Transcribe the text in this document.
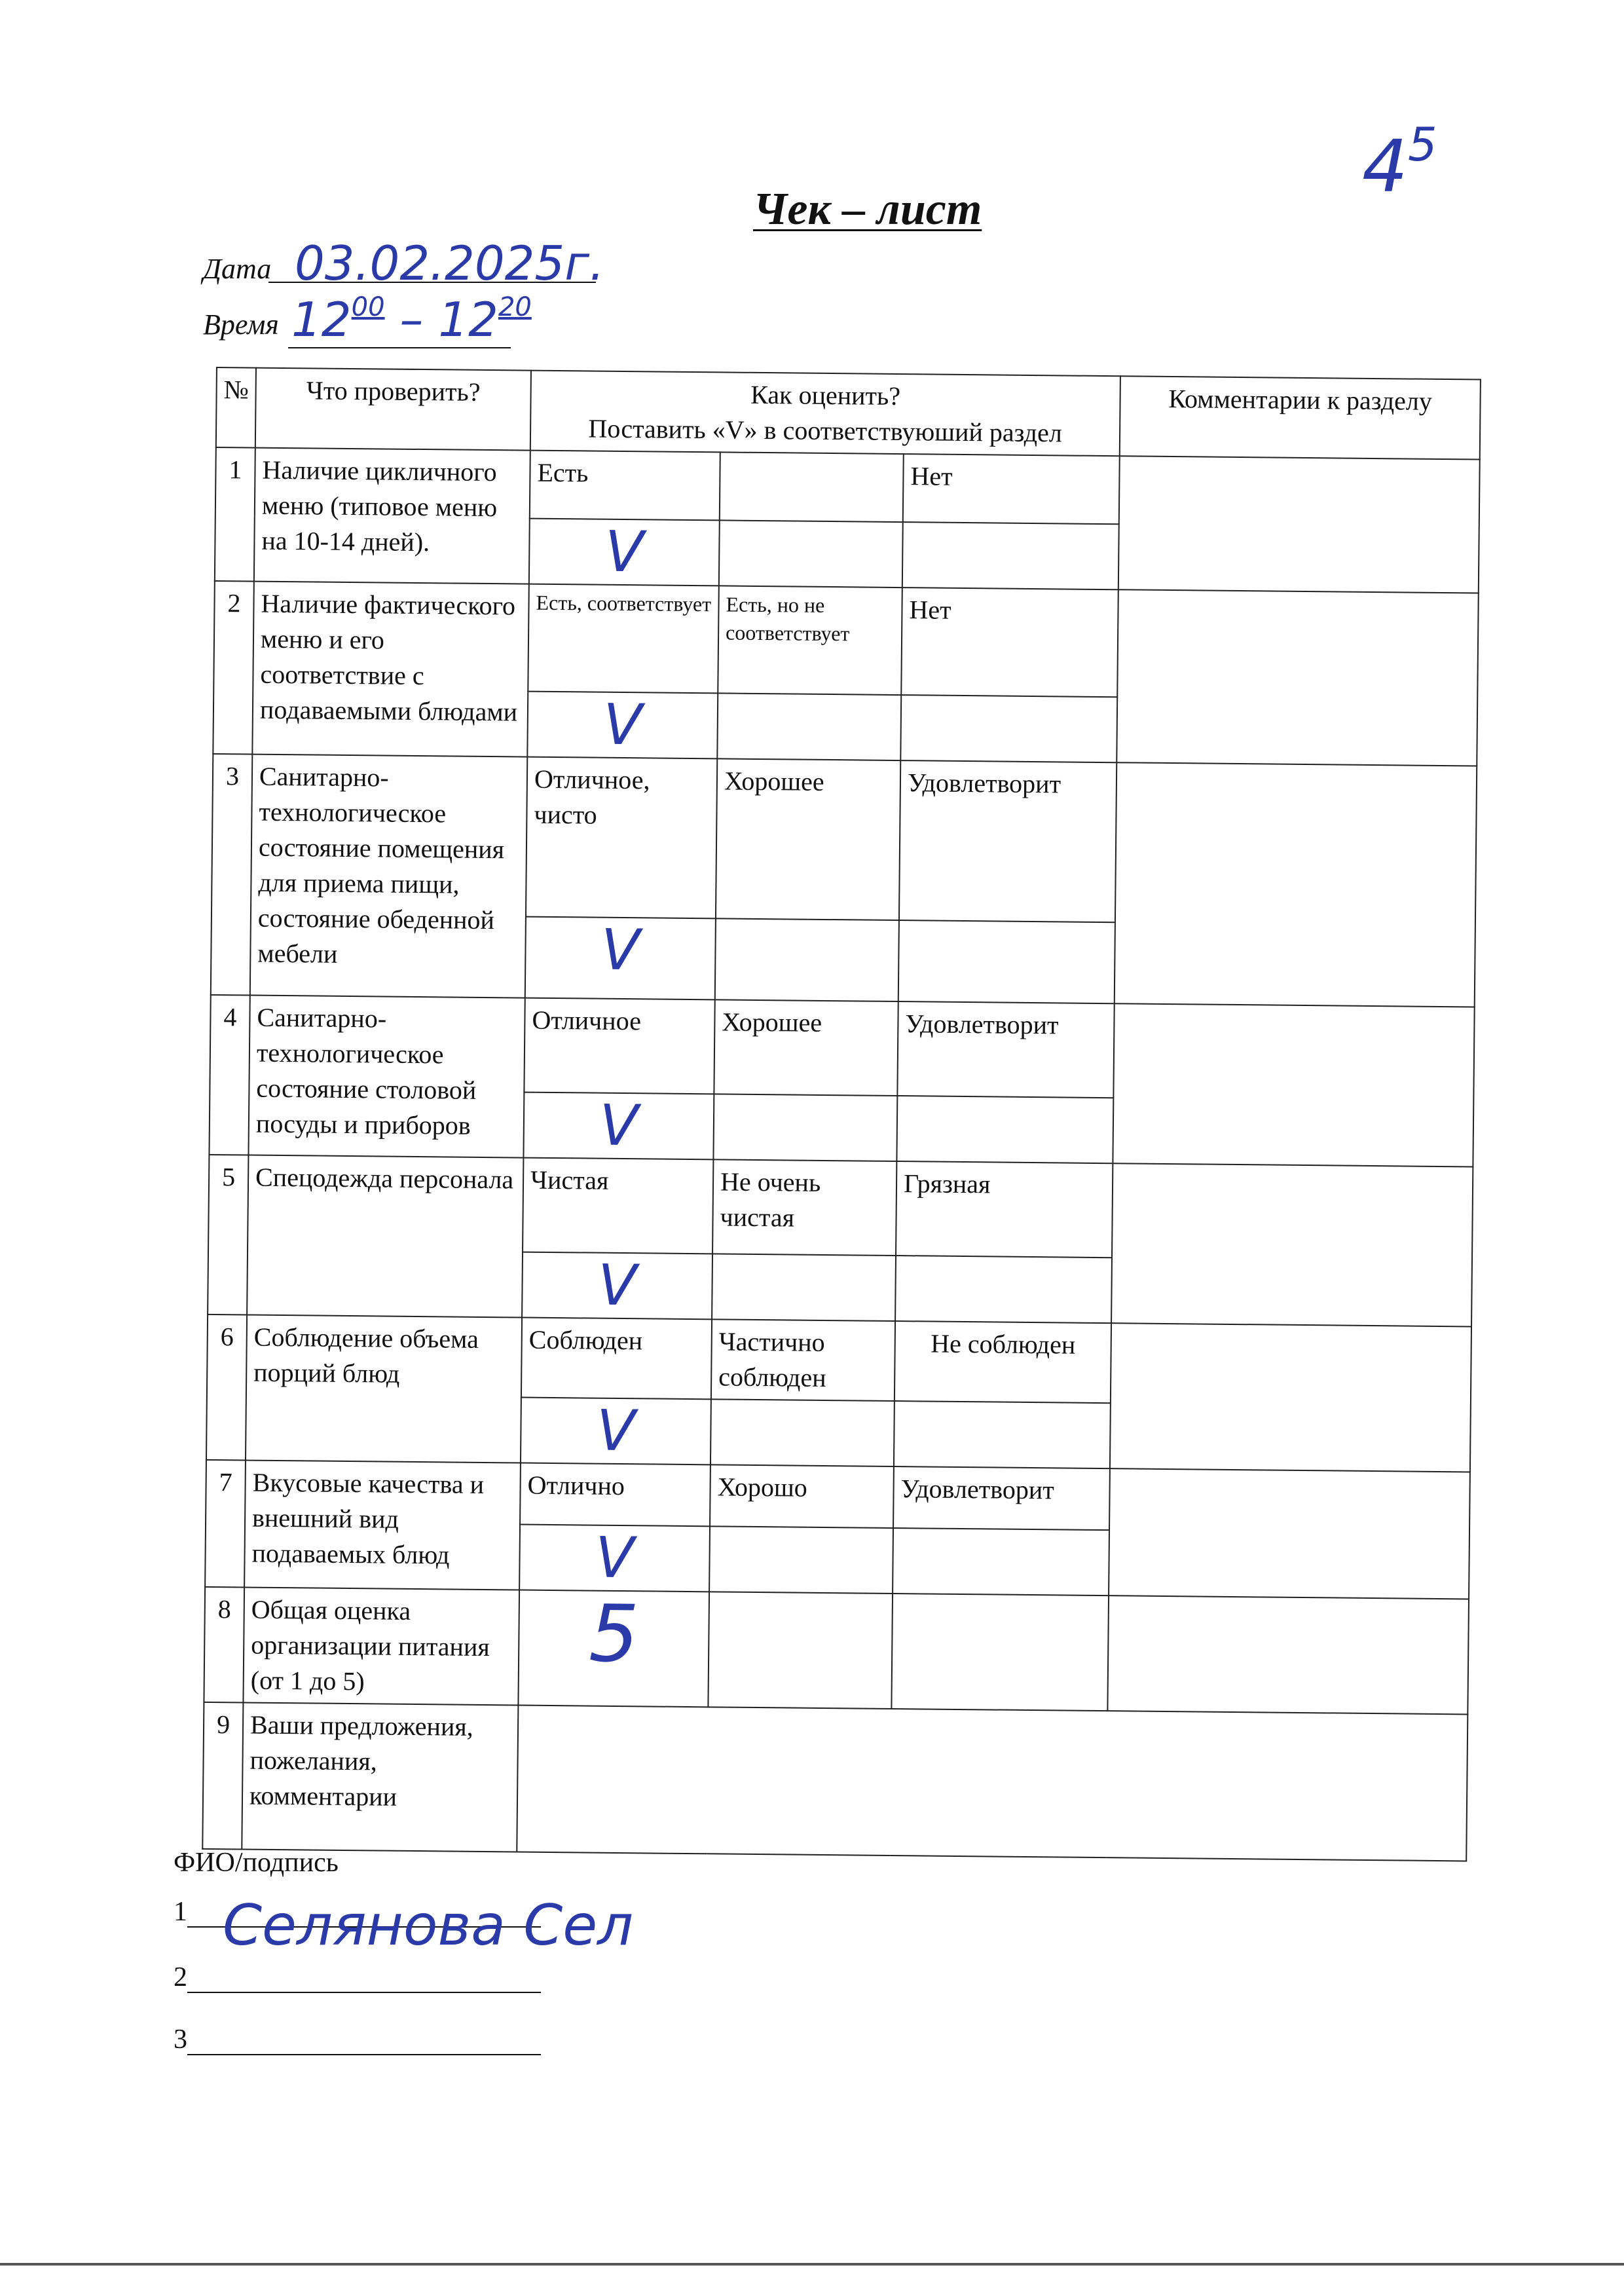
$4^5$
Чек – лист
Дата 03.02.2025г.
Время $12^{00} - 12^{20}$
№	Что проверить?	Как оценить?
Поставить «V» в соответствуюший раздел			Комментарии к разделу
1	Наличие цикличного меню (типовое меню на 10-14 дней).	Есть		Нет	
		V			
2	Наличие фактического меню и его соответствие с подаваемыми блюдами	Есть, соответствует	Есть, но не соответствует	Нет	
		V			
3	Санитарно-технологическое состояние помещения для приема пищи, состояние обеденной мебели	Отличное, чисто	Хорошее	Удовлетворит	
		V			
4	Санитарно-технологическое состояние столовой посуды и приборов	Отличное	Хорошее	Удовлетворит	
		V			
5	Спецодежда персонала	Чистая	Не очень чистая	Грязная	
		V			
6	Соблюдение объема порций блюд	Соблюден	Частично соблюден	Не соблюден	
		V			
7	Вкусовые качества и внешний вид подаваемых блюд	Отлично	Хорошо	Удовлетворит	
		V			
8	Общая оценка организации питания (от 1 до 5)	5			
9	Ваши предложения, пожелания, комментарии				
ФИО/подпись
1 Селянова Сел
2
3
